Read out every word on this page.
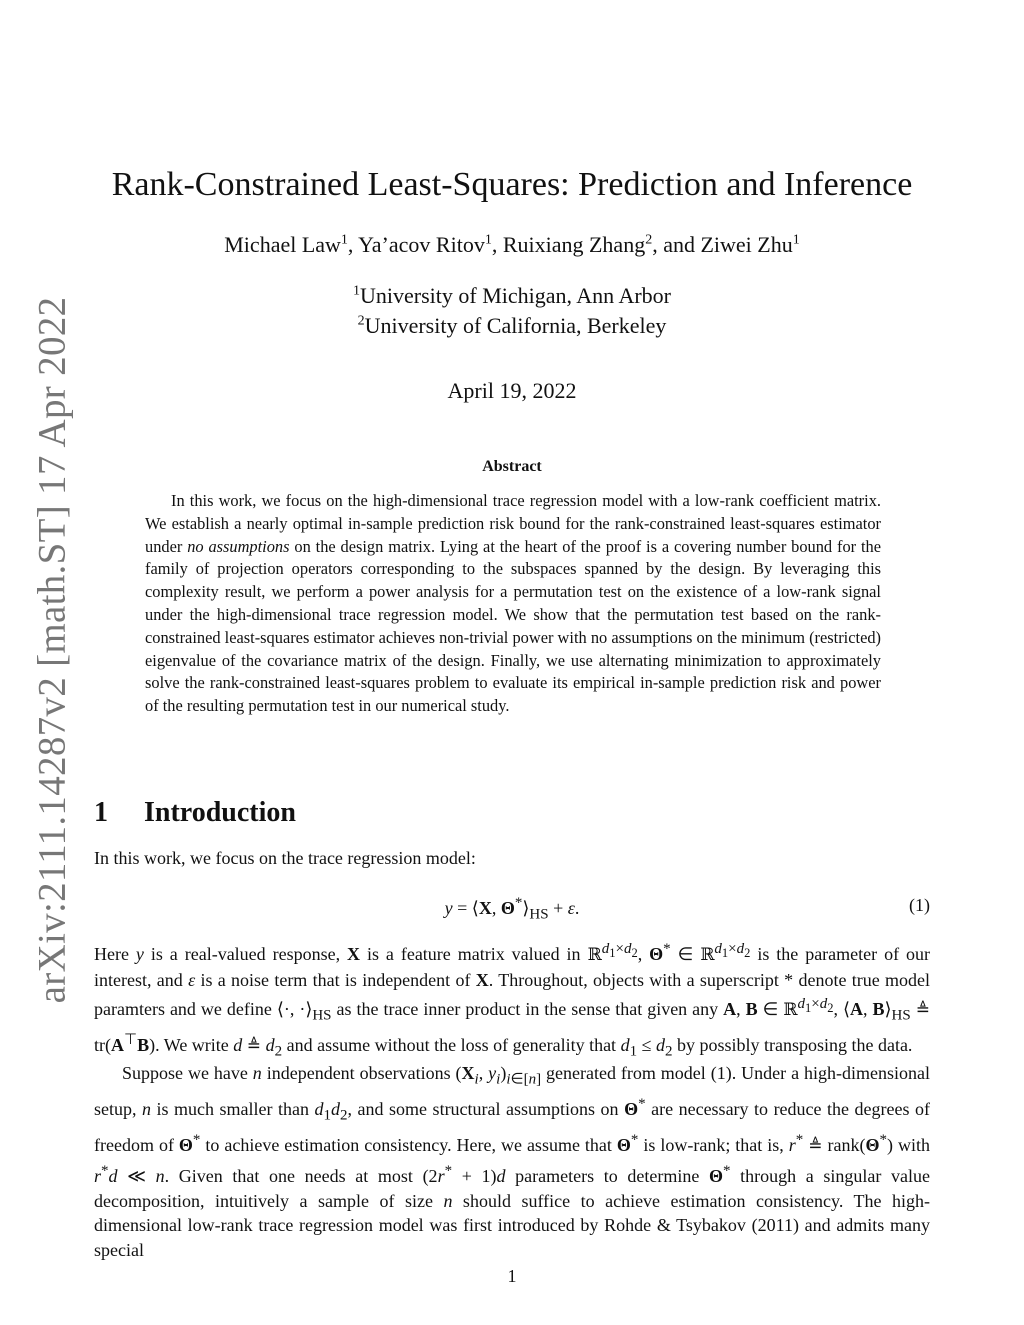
arXiv:2111.14287v2 [math.ST] 17 Apr 2022
Rank-Constrained Least-Squares: Prediction and Inference
Michael Law$^1$, Ya’acov Ritov$^1$, Ruixiang Zhang$^2$, and Ziwei Zhu$^1$
$^1$University of Michigan, Ann Arbor
$^2$University of California, Berkeley
April 19, 2022
Abstract

In this work, we focus on the high-dimensional trace regression model with a low-rank coefficient matrix. We establish a nearly optimal in-sample prediction risk bound for the rank-constrained least-squares estimator under no assumptions on the design matrix. Lying at the heart of the proof is a covering number bound for the family of projection operators corresponding to the subspaces spanned by the design. By leveraging this complexity result, we perform a power analysis for a permutation test on the existence of a low-rank signal under the high-dimensional trace regression model. We show that the permutation test based on the rank-constrained least-squares estimator achieves non-trivial power with no assumptions on the minimum (restricted) eigenvalue of the covariance matrix of the design. Finally, we use alternating minimization to approximately solve the rank-constrained least-squares problem to evaluate its empirical in-sample prediction risk and power of the resulting permutation test in our numerical study.

1 Introduction

In this work, we focus on the trace regression model:

y = ⟨X, $\Theta^*⟩_{HS} + \varepsilon$.	(1)

Here y is a real-valued response, X is a feature matrix valued in ℝ$^{d_1\times d_2}$, Θ* ∈ ℝ$^{d_1\times d_2}$ is the parameter of our interest, and ε is a noise term that is independent of X. Throughout, objects with a superscript * denote true model paramters and we define ⟨·, $\cdot⟩_{HS}$ as the trace inner product in the sense that given any A, B ∈ ℝ$^{d_1\times d_2}$, ⟨A, $B⟩_{HS}$ ≜ tr(A⊤B). We write d ≜ $d_2$ and assume without the loss of generality that $d_1 \le d_2$ by possibly transposing the data.

Suppose we have n independent observations ($X_i$, $y_i)_{i\in[n]}$ generated from model (1). Under a high-dimensional setup, n is much smaller than $d_1d_2$, and some structural assumptions on Θ* are necessary to reduce the degrees of freedom of Θ* to achieve estimation consistency. Here, we assume that Θ* is low-rank; that is, r* ≜ rank(Θ*) with r*d ≪ n. Given that one needs at most (2r* + 1)d parameters to determine Θ* through a singular value decomposition, intuitively a sample of size n should suffice to achieve estimation consistency. The high-dimensional low-rank trace regression model was first introduced by Rohde & Tsybakov (2011) and admits many special

1
